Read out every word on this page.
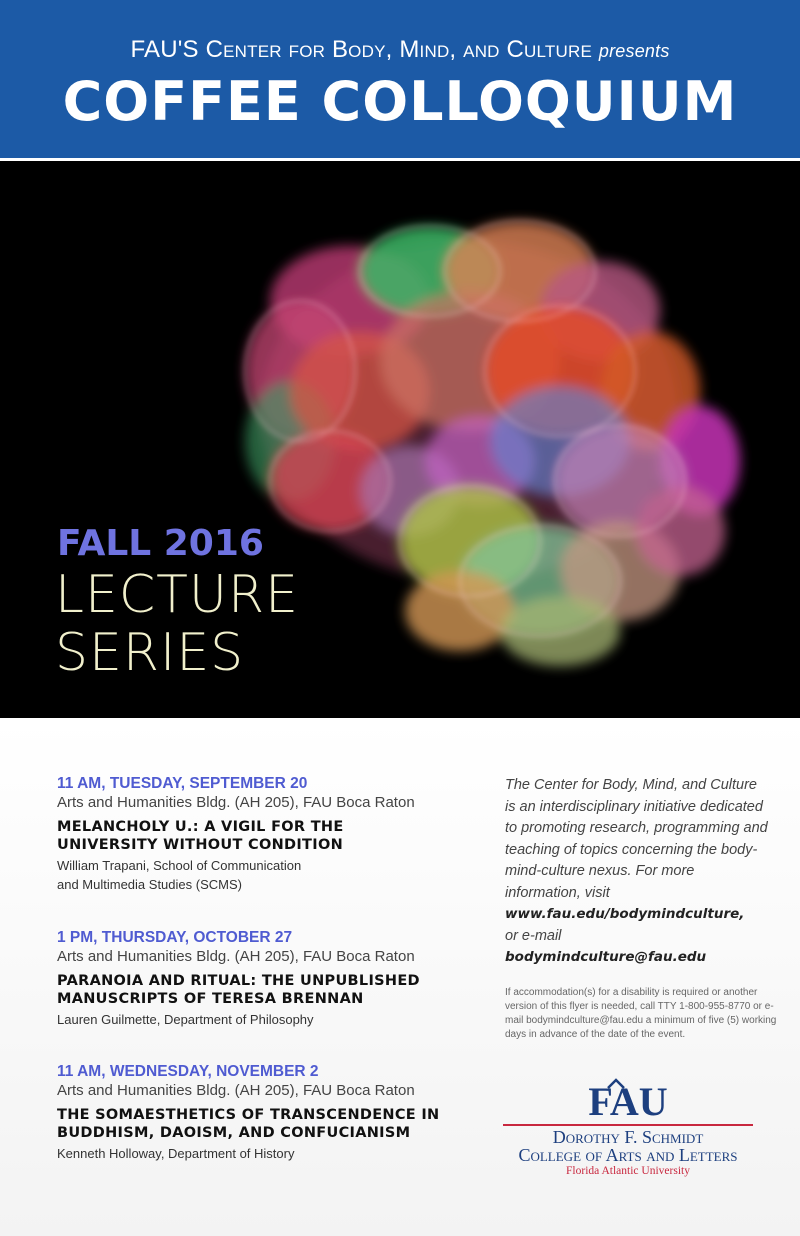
FAU'S Center for Body, Mind, and Culture presents
COFFEE COLLOQUIUM
FALL 2016
LECTURE
SERIES
11 AM, TUESDAY, SEPTEMBER 20
Arts and Humanities Bldg. (AH 205), FAU Boca Raton
MELANCHOLY U.: A VIGIL FOR THE
UNIVERSITY WITHOUT CONDITION
William Trapani, School of Communication
and Multimedia Studies (SCMS)
1 PM, THURSDAY, OCTOBER 27
Arts and Humanities Bldg. (AH 205), FAU Boca Raton
PARANOIA AND RITUAL: THE UNPUBLISHED
MANUSCRIPTS OF TERESA BRENNAN
Lauren Guilmette, Department of Philosophy
11 AM, WEDNESDAY, NOVEMBER 2
Arts and Humanities Bldg. (AH 205), FAU Boca Raton
THE SOMAESTHETICS OF TRANSCENDENCE IN
BUDDHISM, DAOISM, AND CONFUCIANISM
Kenneth Holloway, Department of History
The Center for Body, Mind, and Culture is an interdisciplinary initiative dedicated to promoting research, programming and teaching of topics concerning the body-mind-culture nexus. For more information, visit
www.fau.edu/bodymindculture,
or e-mail
bodymindculture@fau.edu
If accommodation(s) for a disability is required or another version of this flyer is needed, call TTY 1-800-955-8770 or e-mail bodymindculture@fau.edu a minimum of five (5) working days in advance of the date of the event.
FAU
Dorothy F. Schmidt
College of Arts and Letters
Florida Atlantic University
